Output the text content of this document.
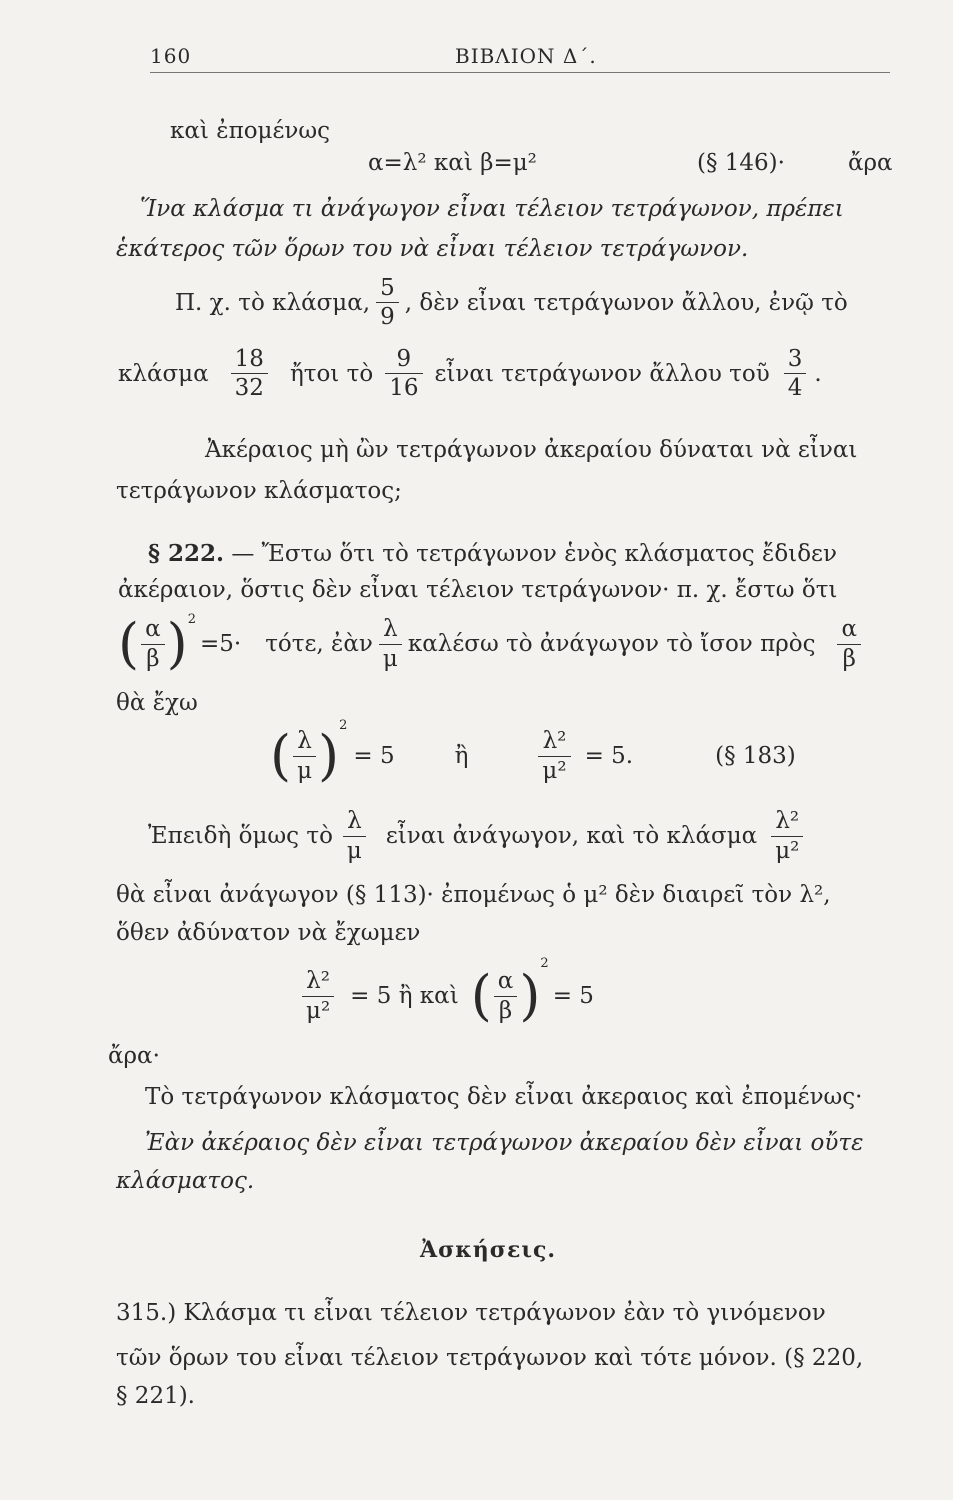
160	ΒΙΒΛΙΟΝ Δ΄.
καὶ ἐπομένως
α=λ² καὶ β=μ²	(§ 146)·	ἄρα
Ἵνα κλάσμα τι ἀνάγωγον εἶναι τέλειον τετράγωνον, πρέπει
ἑκάτερος τῶν ὅρων του νὰ εἶναι τέλειον τετράγωνον.
Π. χ. τὸ κλάσμα, $\frac{5}{9}$ , δὲν εἶναι τετράγωνον ἄλλου, ἐνῷ τὸ
κλάσμα $\frac{18}{32}$ ἤτοι τὸ $\frac{9}{16}$ εἶναι τετράγωνον ἄλλου τοῦ $\frac{3}{4}$ .
Ἀκέραιος μὴ ὢν τετράγωνον ἀκεραίου δύναται νὰ εἶναι
τετράγωνον κλάσματος;
§ 222. — Ἔστω ὅτι τὸ τετράγωνον ἑνὸς κλάσματος ἔδιδεν
ἀκέραιον, ὅστις δὲν εἶναι τέλειον τετράγωνον· π. χ. ἔστω ὅτι
( $\frac{\alpha}{\beta} )^2$
=5· τότε, ἐὰν $\frac{\lambda}{\mu}$ καλέσω τὸ ἀνάγωγον τὸ ἴσον πρὸς $\frac{\alpha}{\beta}$
θὰ ἔχω
( $\frac{\lambda}{\mu} )^2$
= 5	ἢ	$\frac{\text{λ²}}{\text{μ²}} = 5$.	(§ 183)
Ἐπειδὴ ὅμως τὸ $\frac{\lambda}{\mu}$ εἶναι ἀνάγωγον, καὶ τὸ κλάσμα $\frac{\text{λ²}}{\text{μ²}}$
θὰ εἶναι ἀνάγωγον (§ 113)· ἐπομένως ὁ μ² δὲν διαιρεῖ τὸν λ²,
ὅθεν ἀδύνατον νὰ ἔχωμεν
$\frac{\text{λ²}}{\text{μ²}} = 5$ ἢ καὶ ( $\frac{\alpha}{\beta}$ )
$^2$
= 5
ἄρα·
Τὸ τετράγωνον κλάσματος δὲν εἶναι ἀκεραιος καὶ ἐπομένως·
Ἐὰν ἀκέραιος δὲν εἶναι τετράγωνον ἀκεραίου δὲν εἶναι οὔτε
κλάσματος.
Ἀσκήσεις.
315.) Κλάσμα τι εἶναι τέλειον τετράγωνον ἐὰν τὸ γινόμενον
τῶν ὅρων του εἶναι τέλειον τετράγωνον καὶ τότε μόνον. (§ 220,
§ 221).
